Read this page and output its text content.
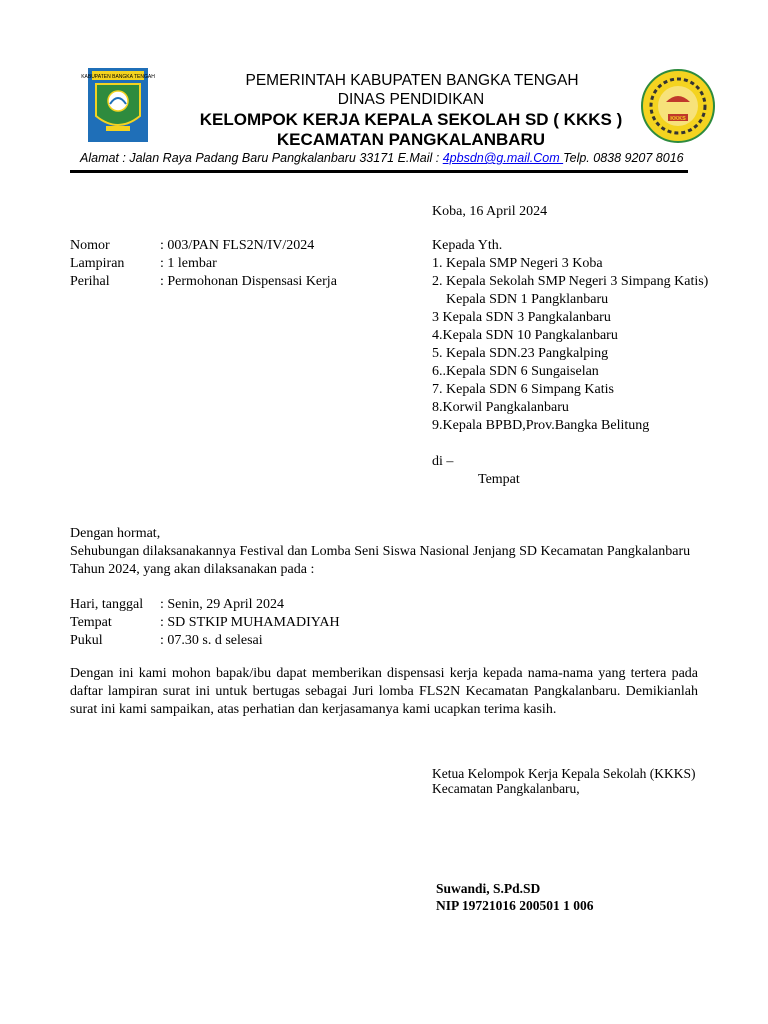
KABUPATEN BANGKA TENGAH
KKKS
PEMERINTAH KABUPATEN BANGKA TENGAH
DINAS PENDIDIKAN
KELOMPOK KERJA KEPALA SEKOLAH SD ( KKKS )
KECAMATAN PANGKALANBARU
Alamat : Jalan Raya Padang Baru Pangkalanbaru 33171 E.Mail : 4pbsdn@g.mail.Com Telp. 0838 9207 8016
Koba, 16 April 2024
Nomor	: 003/PAN FLS2N/IV/2024
Lampiran	: 1 lembar
Perihal	: Permohonan Dispensasi Kerja
Kepada Yth.
1. Kepala SMP Negeri 3 Koba
2. Kepala Sekolah SMP Negeri 3 Simpang Katis)
Kepala SDN 1 Pangklanbaru
3 Kepala SDN 3 Pangkalanbaru
4.Kepala SDN 10 Pangkalanbaru
5. Kepala SDN.23 Pangkalping
6..Kepala SDN 6 Sungaiselan
7. Kepala SDN 6 Simpang Katis
8.Korwil Pangkalanbaru
9.Kepala BPBD,Prov.Bangka Belitung
di –
Tempat
Dengan hormat,
Sehubungan dilaksanakannya Festival dan Lomba Seni Siswa Nasional Jenjang SD Kecamatan Pangkalanbaru Tahun 2024, yang akan dilaksanakan pada :
Hari, tanggal : Senin, 29 April 2024
Tempat	: SD STKIP MUHAMADIYAH
Pukul	: 07.30 s. d selesai
Dengan ini kami mohon bapak/ibu dapat memberikan dispensasi kerja kepada nama-nama yang tertera pada daftar lampiran surat ini untuk bertugas sebagai Juri lomba FLS2N Kecamatan Pangkalanbaru. Demikianlah surat ini kami sampaikan, atas perhatian dan kerjasamanya kami ucapkan terima kasih.
Ketua Kelompok Kerja Kepala Sekolah (KKKS)
Kecamatan Pangkalanbaru,
Suwandi, S.Pd.SD
NIP 19721016 200501 1 006
